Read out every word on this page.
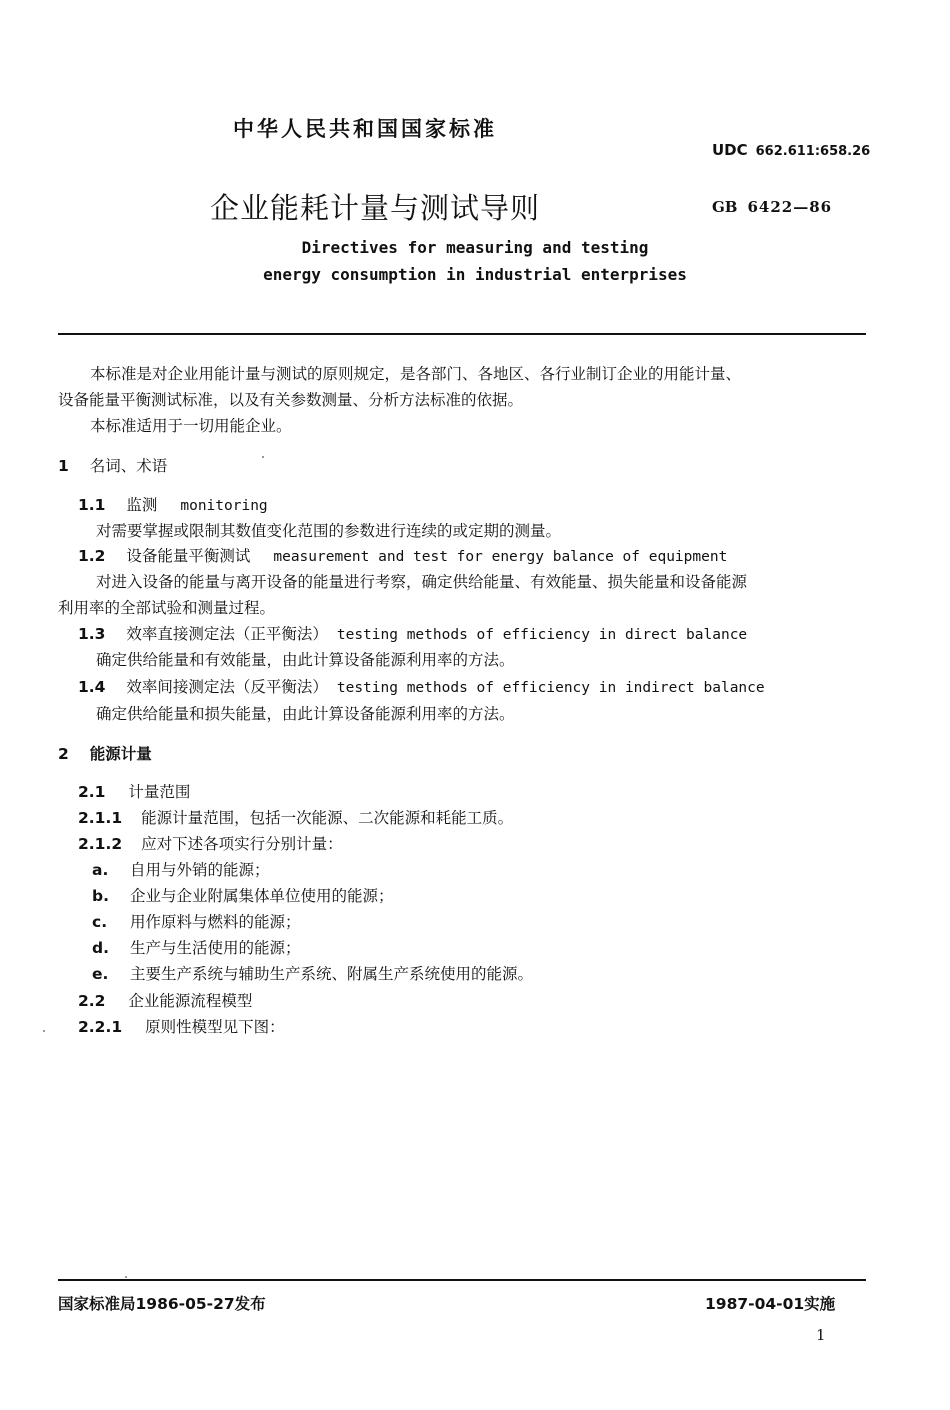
中华人民共和国国家标准
UDC 662.611:658.26
企业能耗计量与测试导则	GB 6422—86
Directives for measuring and testing
energy consumption in industrial enterprises
本标准是对企业用能计量与测试的原则规定，是各部门、各地区、各行业制订企业的用能计量、
设备能量平衡测试标准，以及有关参数测量、分析方法标准的依据。
本标准适用于一切用能企业。
1 名词、术语
1.1 监测 monitoring
对需要掌握或限制其数值变化范围的参数进行连续的或定期的测量。
1.2 设备能量平衡测试 measurement and test for energy balance of equipment
对进入设备的能量与离开设备的能量进行考察，确定供给能量、有效能量、损失能量和设备能源
利用率的全部试验和测量过程。
1.3 效率直接测定法（正平衡法） testing methods of efficiency in direct balance
确定供给能量和有效能量，由此计算设备能源利用率的方法。
1.4 效率间接测定法（反平衡法） testing methods of efficiency in indirect balance
确定供给能量和损失能量，由此计算设备能源利用率的方法。
2 能源计量
2.1 计量范围
2.1.1 能源计量范围，包括一次能源、二次能源和耗能工质。
2.1.2 应对下述各项实行分别计量：
a. 自用与外销的能源；
b. 企业与企业附属集体单位使用的能源；
c. 用作原料与燃料的能源；
d. 生产与生活使用的能源；
e. 主要生产系统与辅助生产系统、附属生产系统使用的能源。
2.2 企业能源流程模型
2.2.1 原则性模型见下图：
国家标准局1986-05-27发布	1987-04-01实施
1
